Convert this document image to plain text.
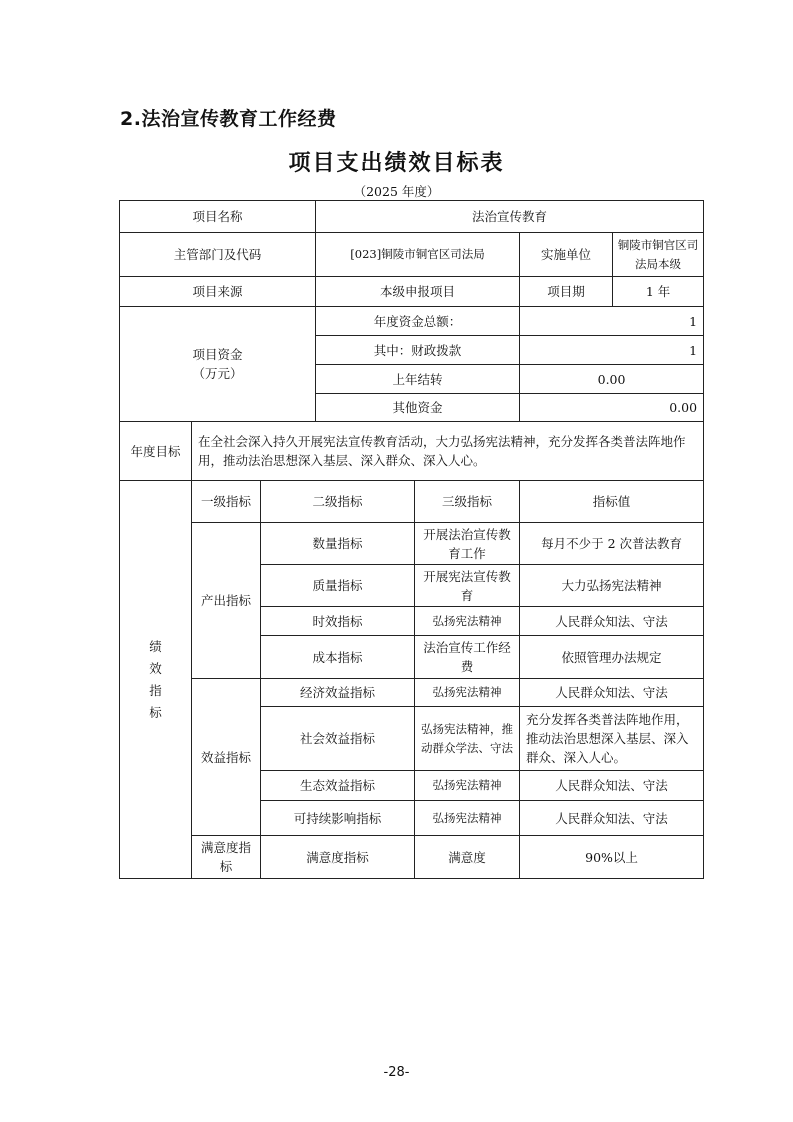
2.法治宣传教育工作经费
项目支出绩效目标表
（2025 年度）
项目名称			法治宣传教育			
主管部门及代码			[023]铜陵市铜官区司法局		实施单位	铜陵市铜官区司法局本级
项目来源			本级申报项目		项目期	1 年

项目资金
（万元）			年度资金总额：		1	
			其中：财政拨款		1	
			上年结转		0.00	
			其他资金		0.00	
年度目标	在全社会深入持久开展宪法宣传教育活动，大力弘扬宪法精神，充分发挥各类普法阵地作用，推动法治思想深入基层、深入群众、深入人心。					

绩
效
指
标	一级指标	二级指标		三级指标	指标值	
	产出指标	数量指标		开展法治宣传教育工作	每月不少于 2 次普法教育	
		质量指标		开展宪法宣传教育	大力弘扬宪法精神	
		时效指标		弘扬宪法精神	人民群众知法、守法	
		成本指标		法治宣传工作经费	依照管理办法规定	
	效益指标	经济效益指标		弘扬宪法精神	人民群众知法、守法	
		社会效益指标		弘扬宪法精神，推动群众学法、守法	充分发挥各类普法阵地作用，推动法治思想深入基层、深入群众、深入人心。	
		生态效益指标		弘扬宪法精神	人民群众知法、守法	
		可持续影响指标		弘扬宪法精神	人民群众知法、守法	
	满意度指标	满意度指标		满意度	90%以上	
-28-
